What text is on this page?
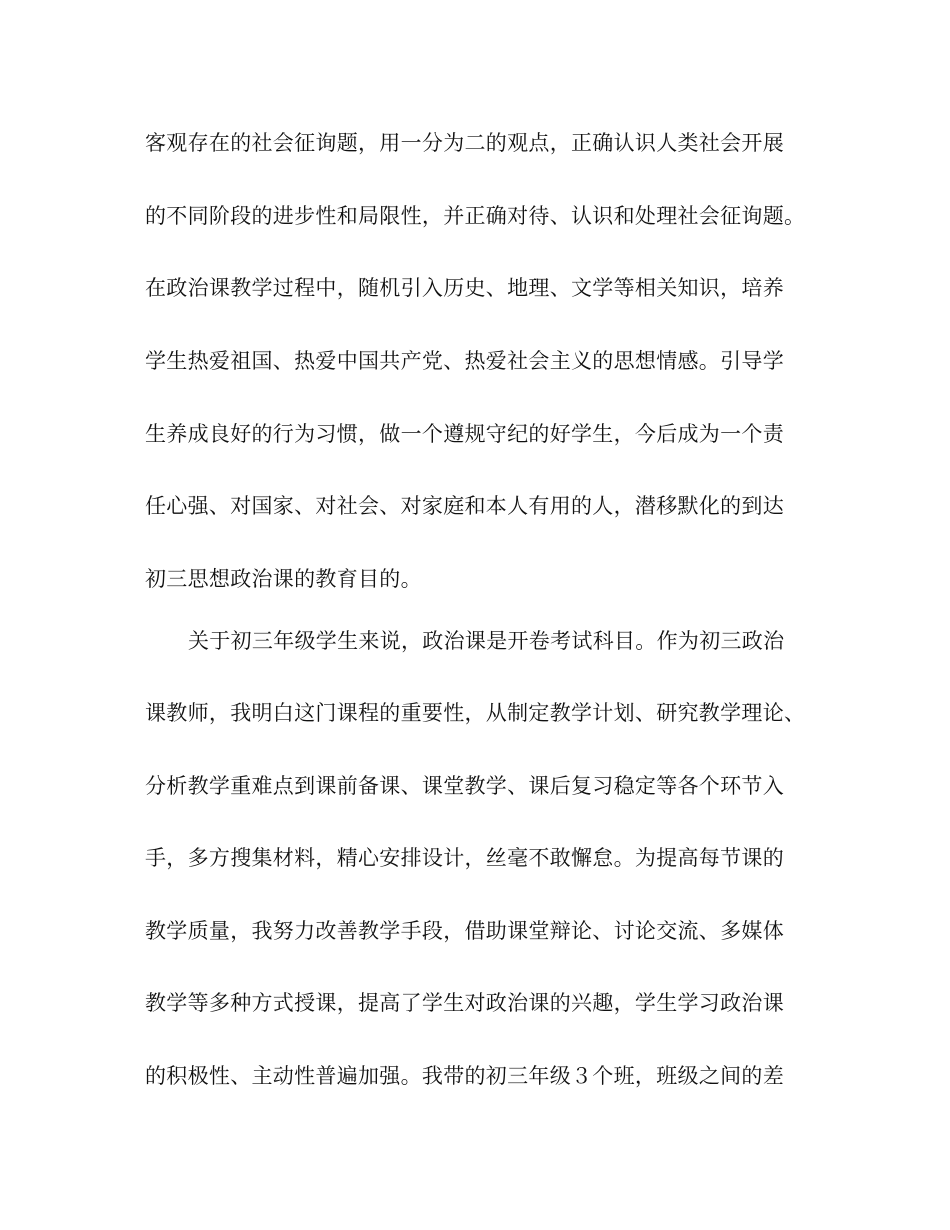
客观存在的社会征询题，用一分为二的观点，正确认识人类社会开展
的不同阶段的进步性和局限性，并正确对待、认识和处理社会征询题。
在政治课教学过程中，随机引入历史、地理、文学等相关知识，培养
学生热爱祖国、热爱中国共产党、热爱社会主义的思想情感。引导学
生养成良好的行为习惯，做一个遵规守纪的好学生，今后成为一个责
任心强、对国家、对社会、对家庭和本人有用的人，潜移默化的到达
初三思想政治课的教育目的。
关于初三年级学生来说，政治课是开卷考试科目。作为初三政治
课教师，我明白这门课程的重要性，从制定教学计划、研究教学理论、
分析教学重难点到课前备课、课堂教学、课后复习稳定等各个环节入
手，多方搜集材料，精心安排设计，丝毫不敢懈怠。为提高每节课的
教学质量，我努力改善教学手段，借助课堂辩论、讨论交流、多媒体
教学等多种方式授课，提高了学生对政治课的兴趣，学生学习政治课
的积极性、主动性普遍加强。我带的初三年级３个班，班级之间的差
